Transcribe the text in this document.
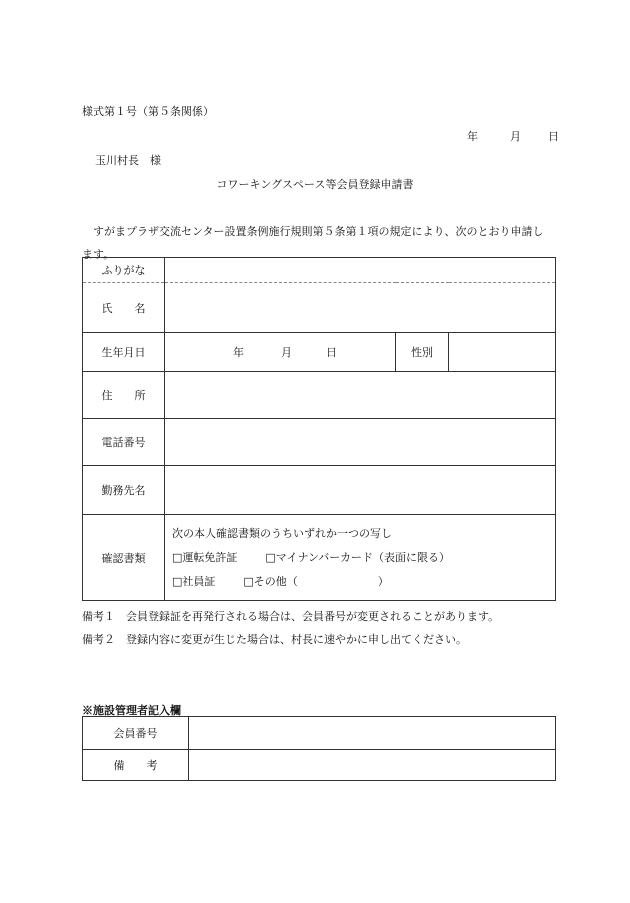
様式第１号（第５条関係）
年	月 日
玉川村長　様
コワーキングスペース等会員登録申請書
すがまプラザ交流センター設置条例施行規則第５条第１項の規定により、次のとおり申請します。
ふりがな			
氏　　名			
生年月日	年 月 日	性別	
住　　所			
電話番号			
勤務先名			
確認書類	次の本人確認書類のうちいずれか一つの写し
□運転免許証 □マイナンバーカード（表面に限る）
□社員証 □その他（ ）		
備考１　会員登録証を再発行される場合は、会員番号が変更されることがあります。
備考２　登録内容に変更が生じた場合は、村長に速やかに申し出てください。
※施設管理者記入欄
会員番号	
備　　考	
